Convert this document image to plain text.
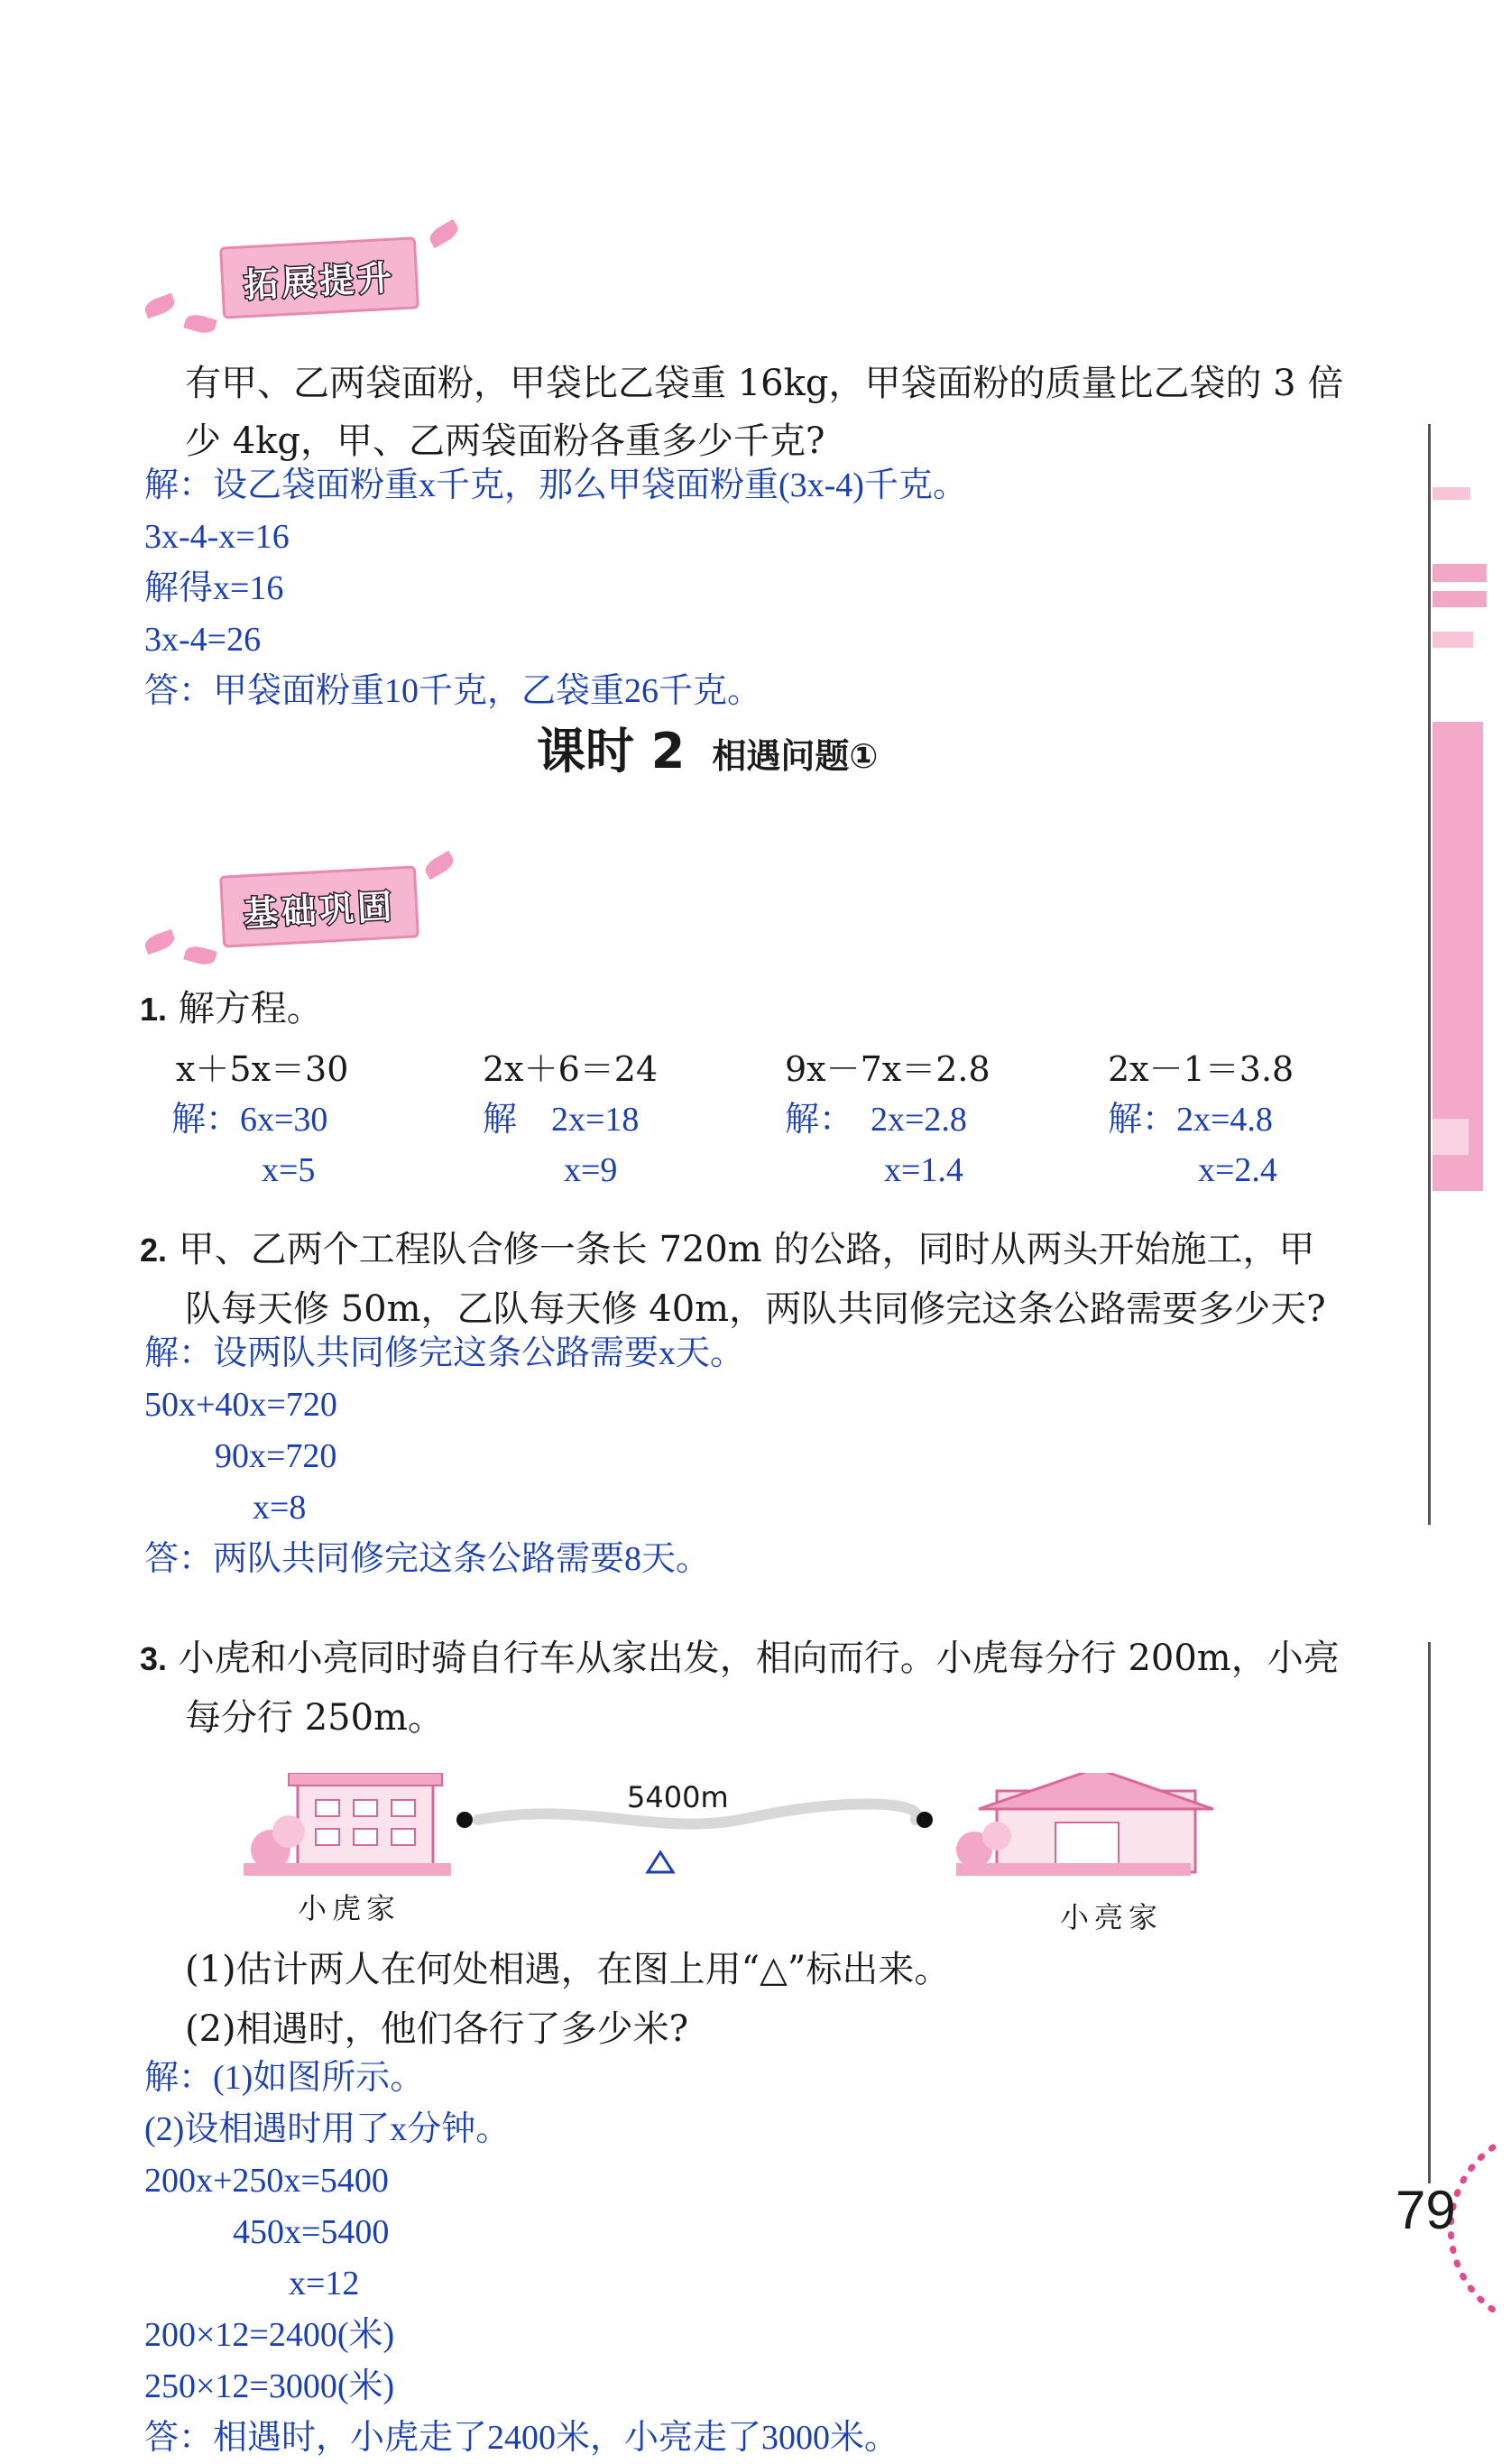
拓展提升
有甲、乙两袋面粉，甲袋比乙袋重 16kg，甲袋面粉的质量比乙袋的 3 倍
少 4kg，甲、乙两袋面粉各重多少千克?
解：设乙袋面粉重x千克，那么甲袋面粉重(3x-4)千克。
3x-4-x=16
解得x=16
3x-4=26
答：甲袋面粉重10千克，乙袋重26千克。
课时 2 相遇问题①
基础巩固
1. 解方程。
x＋5x＝30
解：6x=30
x=5
2x＋6＝24
解　2x=18
x=9
9x－7x＝2.8
解：　2x=2.8
x=1.4
2x－1＝3.8
解：2x=4.8
x=2.4
2. 甲、乙两个工程队合修一条长 720m 的公路，同时从两头开始施工，甲
队每天修 50m，乙队每天修 40m，两队共同修完这条公路需要多少天?
解：设两队共同修完这条公路需要x天。
50x+40x=720
90x=720
x=8
答：两队共同修完这条公路需要8天。
3. 小虎和小亮同时骑自行车从家出发，相向而行。小虎每分行 200m，小亮
每分行 250m。
5400m
小虎家	小亮家
(1)估计两人在何处相遇，在图上用“△”标出来。
(2)相遇时，他们各行了多少米?
解：(1)如图所示。
(2)设相遇时用了x分钟。
200x+250x=5400
450x=5400
x=12
200×12=2400(米)
250×12=3000(米)
答：相遇时，小虎走了2400米，小亮走了3000米。
79
